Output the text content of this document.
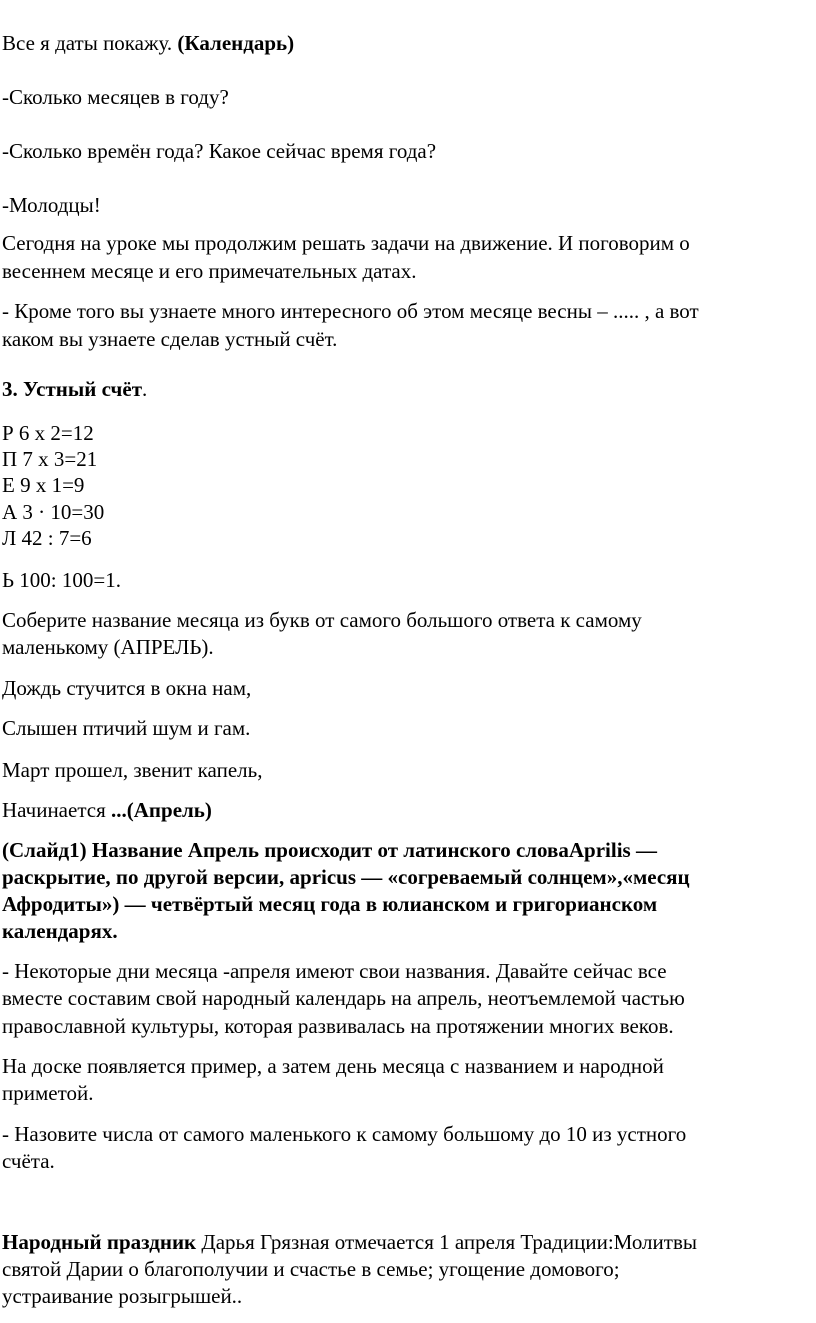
Все я даты покажу. (Календарь)
-Сколько месяцев в году?
-Сколько времён года? Какое сейчас время года?
-Молодцы!
Сегодня на уроке мы продолжим решать задачи на движение. И поговорим о
весеннем месяце и его примечательных датах.
- Кроме того вы узнаете много интересного об этом месяце весны – ..... , а вот
каком вы узнаете сделав устный счёт.
3. Устный счёт.
Р 6 х 2=12
П 7 х 3=21
Е 9 х 1=9
А 3 · 10=30
Л 42 : 7=6
Ь 100: 100=1.
Соберите название месяца из букв от самого большого ответа к самому
маленькому (АПРЕЛЬ).
Дождь стучится в окна нам,
Слышен птичий шум и гам.
Март прошел, звенит капель,
Начинается ...(Апрель)
(Слайд1) Название Апрель происходит от латинского словаAprilis —
раскрытие, по другой версии, apricus — «согреваемый солнцем»,«месяц
Афродиты») — четвёртый месяц года в юлианском и григорианском
календарях.
- Некоторые дни месяца -апреля имеют свои названия. Давайте сейчас все
вместе составим свой народный календарь на апрель, неотъемлемой частью
православной культуры, которая развивалась на протяжении многих веков.
На доске появляется пример, а затем день месяца с названием и народной
приметой.
- Назовите числа от самого маленького к самому большому до 10 из устного
счёта.
Народный праздник Дарья Грязная отмечается 1 апреля Традиции:Молитвы
святой Дарии о благополучии и счастье в семье; угощение домового;
устраивание розыгрышей..
